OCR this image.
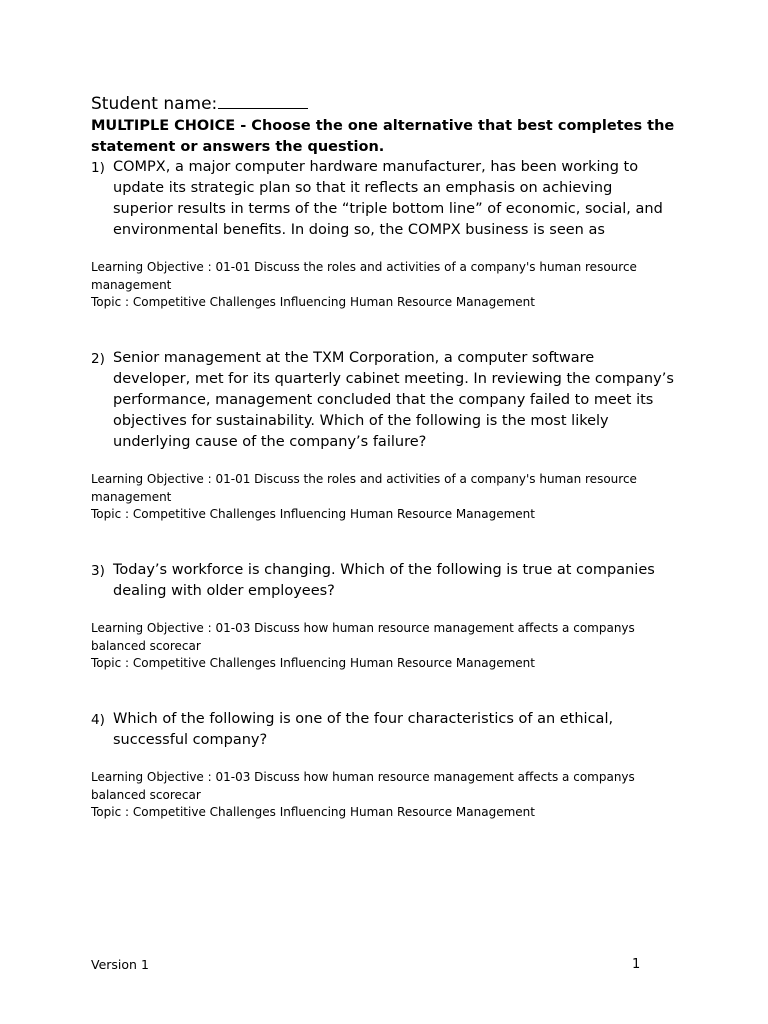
Student name:
MULTIPLE CHOICE - Choose the one alternative that best completes the statement or answers the question.
1) COMPX, a major computer hardware manufacturer, has been working to update its strategic plan so that it reflects an emphasis on achieving superior results in terms of the “triple bottom line” of economic, social, and environmental benefits. In doing so, the COMPX business is seen as
Learning Objective : 01-01 Discuss the roles and activities of a company's human resource management
Topic : Competitive Challenges Influencing Human Resource Management
2) Senior management at the TXM Corporation, a computer software developer, met for its quarterly cabinet meeting. In reviewing the company’s performance, management concluded that the company failed to meet its objectives for sustainability. Which of the following is the most likely underlying cause of the company’s failure?
Learning Objective : 01-01 Discuss the roles and activities of a company's human resource management
Topic : Competitive Challenges Influencing Human Resource Management
3) Today’s workforce is changing. Which of the following is true at companies dealing with older employees?
Learning Objective : 01-03 Discuss how human resource management affects a companys balanced scorecar
Topic : Competitive Challenges Influencing Human Resource Management
4) Which of the following is one of the four characteristics of an ethical, successful company?
Learning Objective : 01-03 Discuss how human resource management affects a companys balanced scorecar
Topic : Competitive Challenges Influencing Human Resource Management
Version 1	1
